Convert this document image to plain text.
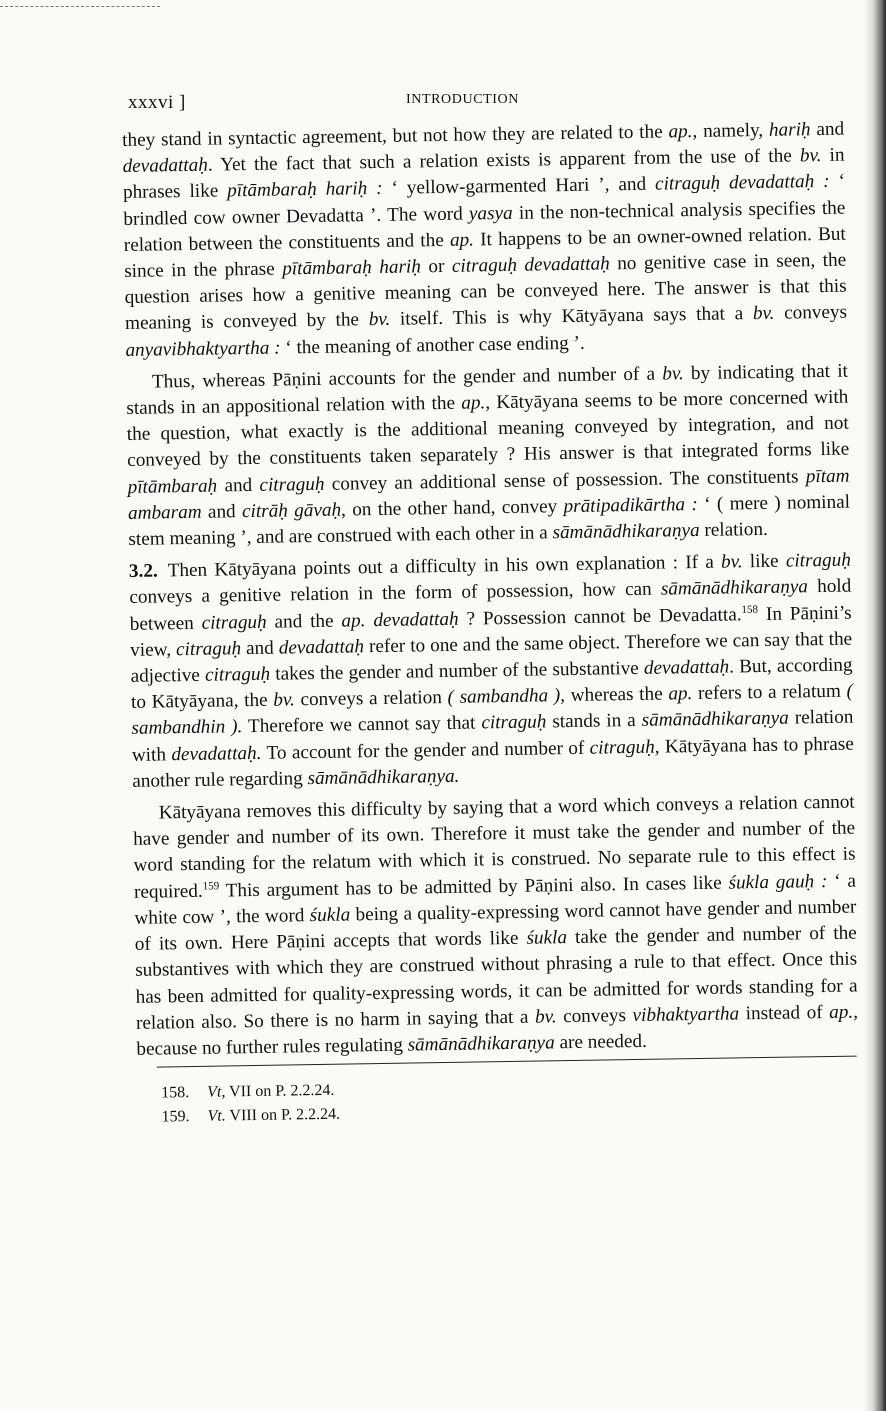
xxxvi ]	INTRODUCTION

they stand in syntactic agreement, but not how they are related to the ap., namely, hariḥ and devadattaḥ. Yet the fact that such a relation exists is apparent from the use of the bv. in phrases like pītāmbaraḥ hariḥ : ‘ yellow-garmented Hari ’, and citraguḥ devadattaḥ : ‘ brindled cow owner Devadatta ’. The word yasya in the non-technical analysis specifies the relation between the constituents and the ap. It happens to be an owner-owned relation. But since in the phrase pītāmbaraḥ hariḥ or citraguḥ devadattaḥ no genitive case in seen, the question arises how a genitive meaning can be conveyed here. The answer is that this meaning is conveyed by the bv. itself. This is why Kātyāyana says that a bv. conveys anyavibhaktyartha : ‘ the meaning of another case ending ’.

Thus, whereas Pāṇini accounts for the gender and number of a bv. by indicating that it stands in an appositional relation with the ap., Kātyāyana seems to be more concerned with the question, what exactly is the additional meaning conveyed by integration, and not conveyed by the constituents taken separately ? His answer is that integrated forms like pītāmbaraḥ and citraguḥ convey an additional sense of possession. The constituents pītam ambaram and citrāḥ gāvaḥ, on the other hand, convey prātipadikārtha : ‘ ( mere ) nominal stem meaning ’, and are construed with each other in a sāmānādhikaraṇya relation.

3.2. Then Kātyāyana points out a difficulty in his own explanation : If a bv. like citraguḥ conveys a genitive relation in the form of possession, how can sāmānādhikaraṇya hold between citraguḥ and the ap. devadattaḥ ? Possession cannot be Devadatta.$^{158}$ In Pāṇini’s view, citraguḥ and devadattaḥ refer to one and the same object. Therefore we can say that the adjective citraguḥ takes the gender and number of the substantive devadattaḥ. But, according to Kātyāyana, the bv. conveys a relation ( sambandha ), whereas the ap. refers to a relatum ( sambandhin ). Therefore we cannot say that citraguḥ stands in a sāmānādhikaraṇya relation with devadattaḥ. To account for the gender and number of citraguḥ, Kātyāyana has to phrase another rule regarding sāmānādhikaraṇya.

Kātyāyana removes this difficulty by saying that a word which conveys a relation cannot have gender and number of its own. Therefore it must take the gender and number of the word standing for the relatum with which it is construed. No separate rule to this effect is required.$^{159}$ This argument has to be admitted by Pāṇini also. In cases like śukla gauḥ : ‘ a white cow ’, the word śukla being a quality-expressing word cannot have gender and number of its own. Here Pāṇini accepts that words like śukla take the gender and number of the substantives with which they are construed without phrasing a rule to that effect. Once this has been admitted for quality-expressing words, it can be admitted for words standing for a relation also. So there is no harm in saying that a bv. conveys vibhaktyartha instead of ap., because no further rules regulating sāmānādhikaraṇya are needed.

158. Vt, VII on P. 2.2.24.
159. Vt. VIII on P. 2.2.24.
